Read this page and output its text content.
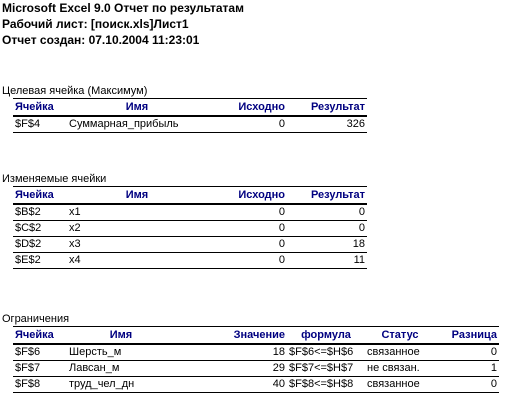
Microsoft Excel 9.0 Отчет по результатам
Рабочий лист: [поиск.xls]Лист1
Отчет создан: 07.10.2004 11:23:01
Целевая ячейка (Максимум)
Ячейка	Имя	Исходно	Результат
$F$4	Суммарная_прибыль	0	326
Изменяемые ячейки
Ячейка	Имя	Исходно	Результат
$B$2	x1	0	0
$C$2	x2	0	0
$D$2	x3	0	18
$E$2	x4	0	11
Ограничения
Ячейка	Имя	Значение	формула	Статус	Разница
$F$6	Шерсть_м	18	$F$6<=$H$6	связанное	0
$F$7	Лавсан_м	29	$F$7<=$H$7	не связан.	1
$F$8	труд_чел_дн	40	$F$8<=$H$8	связанное	0
